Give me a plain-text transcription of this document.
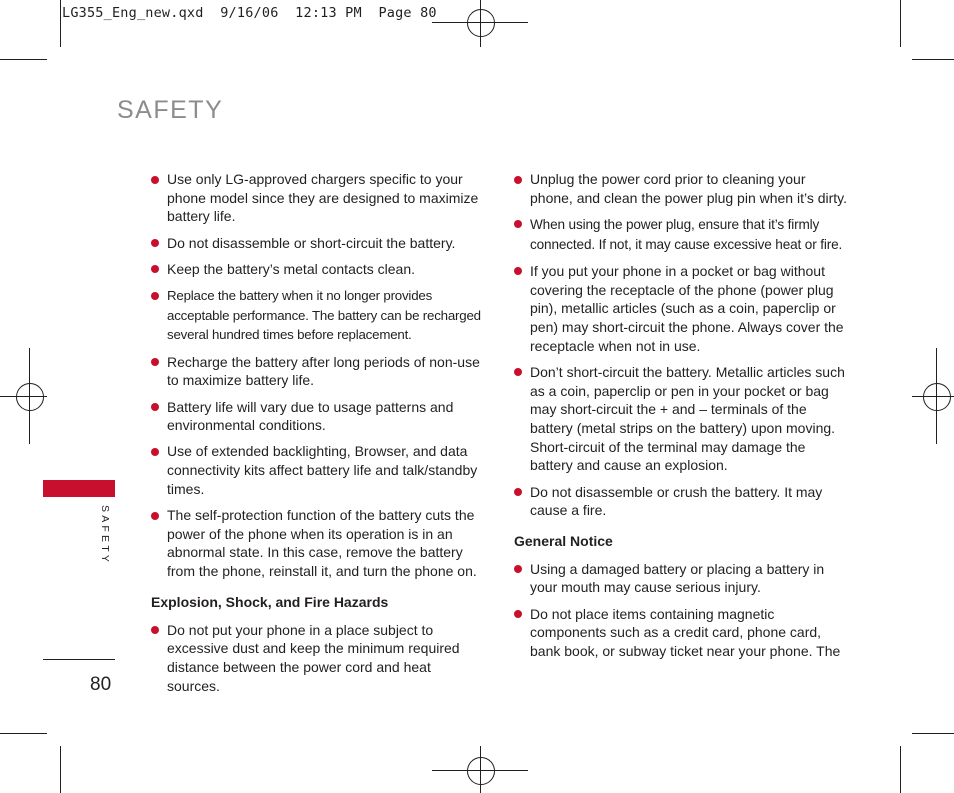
LG355_Eng_new.qxd  9/16/06  12:13 PM  Page 80
SAFETY
SAFETY
80
Use only LG-approved chargers specific to your phone model since they are designed to maximize battery life.
Do not disassemble or short-circuit the battery.
Keep the battery’s metal contacts clean.
Replace the battery when it no longer provides acceptable performance. The battery can be recharged several hundred times before replacement.
Recharge the battery after long periods of non-use to maximize battery life.
Battery life will vary due to usage patterns and environmental conditions.
Use of extended backlighting, Browser, and data connectivity kits affect battery life and talk/standby times.
The self-protection function of the battery cuts the power of the phone when its operation is in an abnormal state. In this case, remove the battery from the phone, reinstall it, and turn the phone on.
Explosion, Shock, and Fire Hazards
Do not put your phone in a place subject to excessive dust and keep the minimum required distance between the power cord and heat sources.
Unplug the power cord prior to cleaning your phone, and clean the power plug pin when it’s dirty.
When using the power plug, ensure that it’s firmly connected. If not, it may cause excessive heat or fire.
If you put your phone in a pocket or bag without covering the receptacle of the phone (power plug pin), metallic articles (such as a coin, paperclip or pen) may short-circuit the phone. Always cover the receptacle when not in use.
Don’t short-circuit the battery. Metallic articles such as a coin, paperclip or pen in your pocket or bag may short-circuit the + and – terminals of the battery (metal strips on the battery) upon moving. Short-circuit of the terminal may damage the battery and cause an explosion.
Do not disassemble or crush the battery. It may cause a fire.
General Notice
Using a damaged battery or placing a battery in your mouth may cause serious injury.
Do not place items containing magnetic components such as a credit card, phone card, bank book, or subway ticket near your phone. The
